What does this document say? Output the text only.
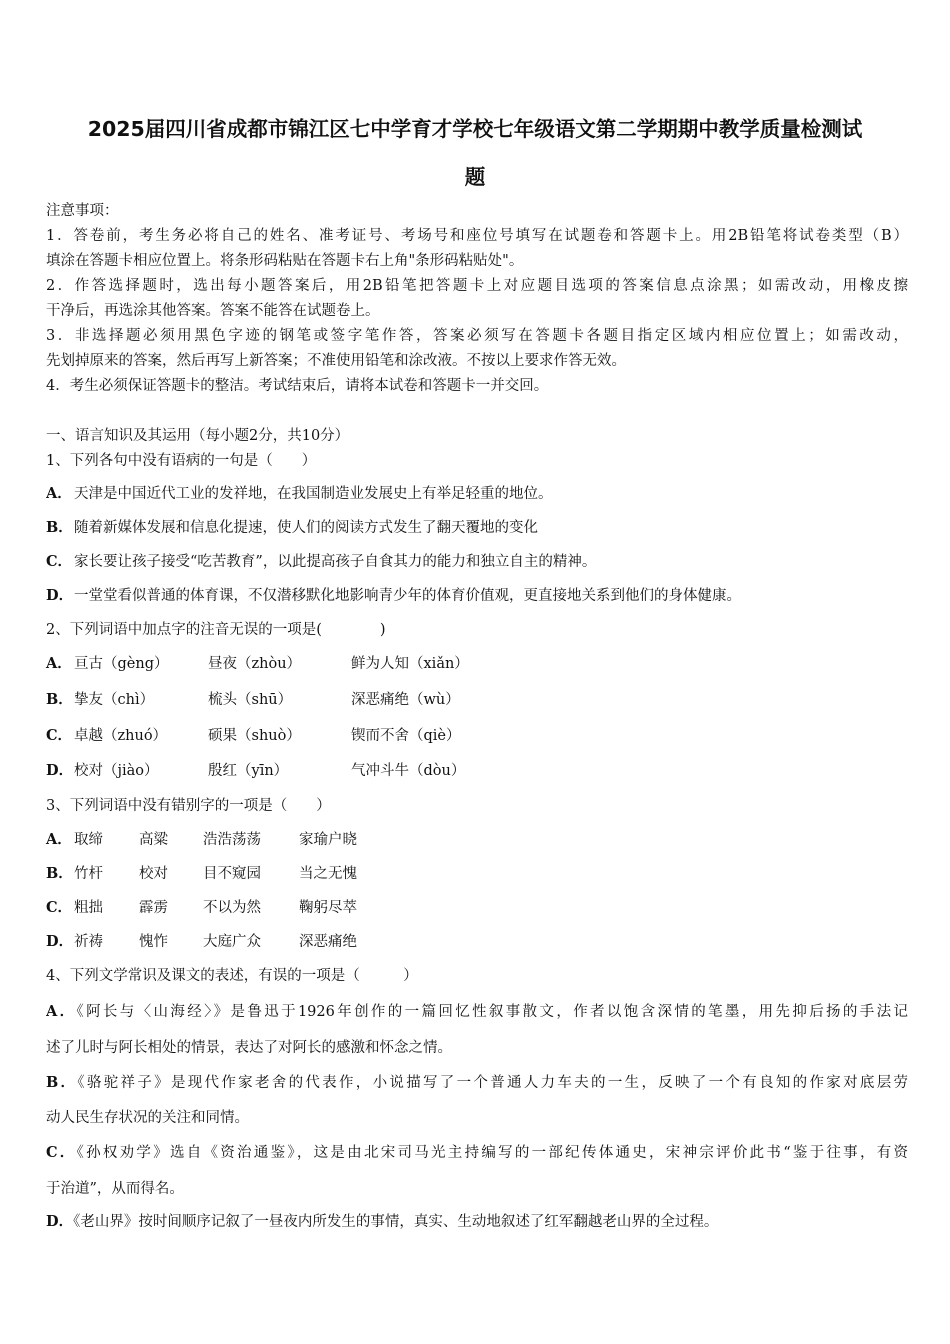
2025届四川省成都市锦江区七中学育才学校七年级语文第二学期期中教学质量检测试
题
注意事项：
1．答卷前，考生务必将自己的姓名、准考证号、考场号和座位号填写在试题卷和答题卡上。用2B铅笔将试卷类型（B）
填涂在答题卡相应位置上。将条形码粘贴在答题卡右上角"条形码粘贴处"。
2．作答选择题时，选出每小题答案后，用2B铅笔把答题卡上对应题目选项的答案信息点涂黑；如需改动，用橡皮擦
干净后，再选涂其他答案。答案不能答在试题卷上。
3．非选择题必须用黑色字迹的钢笔或签字笔作答，答案必须写在答题卡各题目指定区域内相应位置上；如需改动，
先划掉原来的答案，然后再写上新答案；不准使用铅笔和涂改液。不按以上要求作答无效。
4．考生必须保证答题卡的整洁。考试结束后，请将本试卷和答题卡一并交回。
一、语言知识及其运用（每小题2分，共10分）
1、下列各句中没有语病的一句是（　　）
A． 天津是中国近代工业的发祥地，在我国制造业发展史上有举足轻重的地位。
B．随着新媒体发展和信息化提速，使人们的阅读方式发生了翻天覆地的变化
C． 家长要让孩子接受“吃苦教育”，以此提高孩子自食其力的能力和独立自主的精神。
D．一堂堂看似普通的体育课，不仅潜移默化地影响青少年的体育价值观，更直接地关系到他们的身体健康。
2、下列词语中加点字的注音无误的一项是(　　　　)
A． 亘古（gèng）	昼夜（zhòu）	鲜为人知（xiǎn）
B． 挚友（chì）	梳头（shū）	深恶痛绝（wù）
C． 卓越（zhuó）	硕果（shuò）	锲而不舍（qiè）
D． 校对（jiào）	殷红（yīn）	气冲斗牛（dòu）
3、下列词语中没有错别字的一项是（　　）
A． 取缔 高粱 浩浩荡荡	家瑜户晓
B． 竹杆 校对 目不窥园	当之无愧
C． 粗拙 霹雳 不以为然	鞠躬尽萃
D． 祈祷 愧怍 大庭广众	深恶痛绝
4、下列文学常识及课文的表述，有误的一项是（　　　）
A．《阿长与〈山海经〉》是鲁迅于1926年创作的一篇回忆性叙事散文，作者以饱含深情的笔墨，用先抑后扬的手法记
述了儿时与阿长相处的情景，表达了对阿长的感激和怀念之情。
B．《骆驼祥子》是现代作家老舍的代表作，小说描写了一个普通人力车夫的一生，反映了一个有良知的作家对底层劳
动人民生存状况的关注和同情。
C．《孙权劝学》选自《资治通鉴》，这是由北宋司马光主持编写的一部纪传体通史，宋神宗评价此书“鉴于往事，有资
于治道”，从而得名。
D．《老山界》按时间顺序记叙了一昼夜内所发生的事情，真实、生动地叙述了红军翻越老山界的全过程。
